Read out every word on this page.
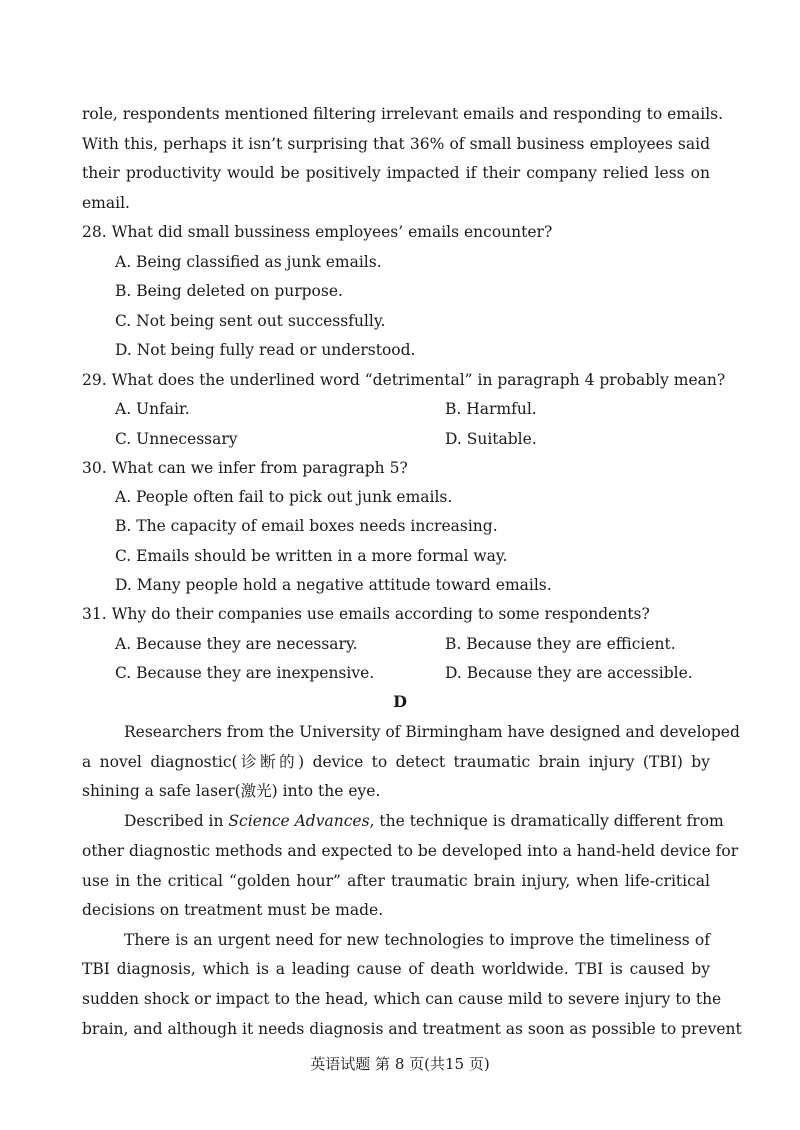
role, respondents mentioned filtering irrelevant emails and responding to emails.
With this, perhaps it isn’t surprising that 36% of small business employees said
their productivity would be positively impacted if their company relied less on
email.
28. What did small bussiness employees’ emails encounter?
A. Being classified as junk emails.
B. Being deleted on purpose.
C. Not being sent out successfully.
D. Not being fully read or understood.
29. What does the underlined word “detrimental” in paragraph 4 probably mean?
A. Unfair.	B. Harmful.
C. Unnecessary	D. Suitable.
30. What can we infer from paragraph 5?
A. People often fail to pick out junk emails.
B. The capacity of email boxes needs increasing.
C. Emails should be written in a more formal way.
D. Many people hold a negative attitude toward emails.
31. Why do their companies use emails according to some respondents?
A. Because they are necessary.	B. Because they are efficient.
C. Because they are inexpensive.	D. Because they are accessible.
D
Researchers from the University of Birmingham have designed and developed
a novel diagnostic(诊断的) device to detect traumatic brain injury (TBI) by
shining a safe laser(激光) into the eye.
Described in Science Advances, the technique is dramatically different from
other diagnostic methods and expected to be developed into a hand-held device for
use in the critical “golden hour” after traumatic brain injury, when life-critical
decisions on treatment must be made.
There is an urgent need for new technologies to improve the timeliness of
TBI diagnosis, which is a leading cause of death worldwide. TBI is caused by
sudden shock or impact to the head, which can cause mild to severe injury to the
brain, and although it needs diagnosis and treatment as soon as possible to prevent
英语试题 第 8 页(共15 页)
